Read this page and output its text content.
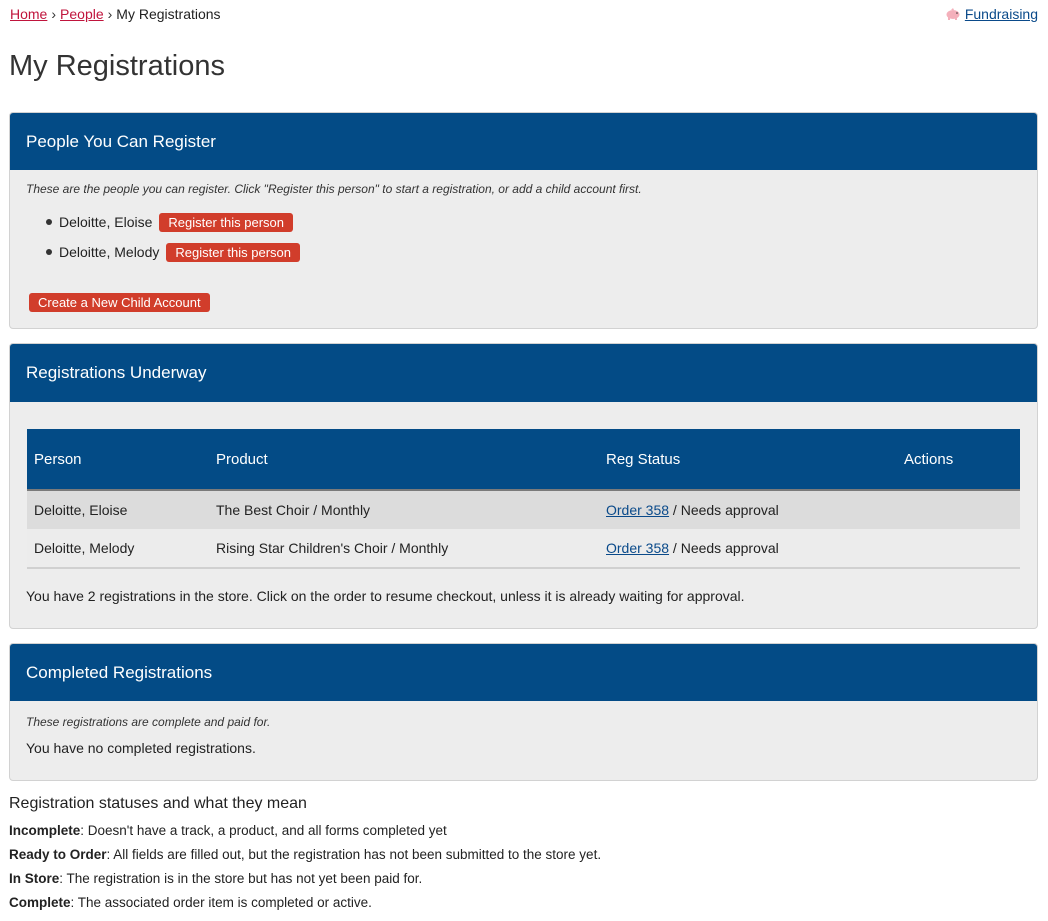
Home › People › My Registrations	Fundraising
My Registrations
People You Can Register
These are the people you can register. Click "Register this person" to start a registration, or add a child account first.
Deloitte, Eloise	Register this person
Deloitte, Melody	Register this person
Create a New Child Account
Registrations Underway
Person	Product	Reg Status	Actions
Deloitte, Eloise	The Best Choir / Monthly	Order 358 / Needs approval	
Deloitte, Melody	Rising Star Children's Choir / Monthly	Order 358 / Needs approval	
You have 2 registrations in the store. Click on the order to resume checkout, unless it is already waiting for approval.
Completed Registrations
These registrations are complete and paid for.
You have no completed registrations.
Registration statuses and what they mean
Incomplete: Doesn't have a track, a product, and all forms completed yet
Ready to Order: All fields are filled out, but the registration has not been submitted to the store yet.
In Store: The registration is in the store but has not yet been paid for.
Complete: The associated order item is completed or active.
